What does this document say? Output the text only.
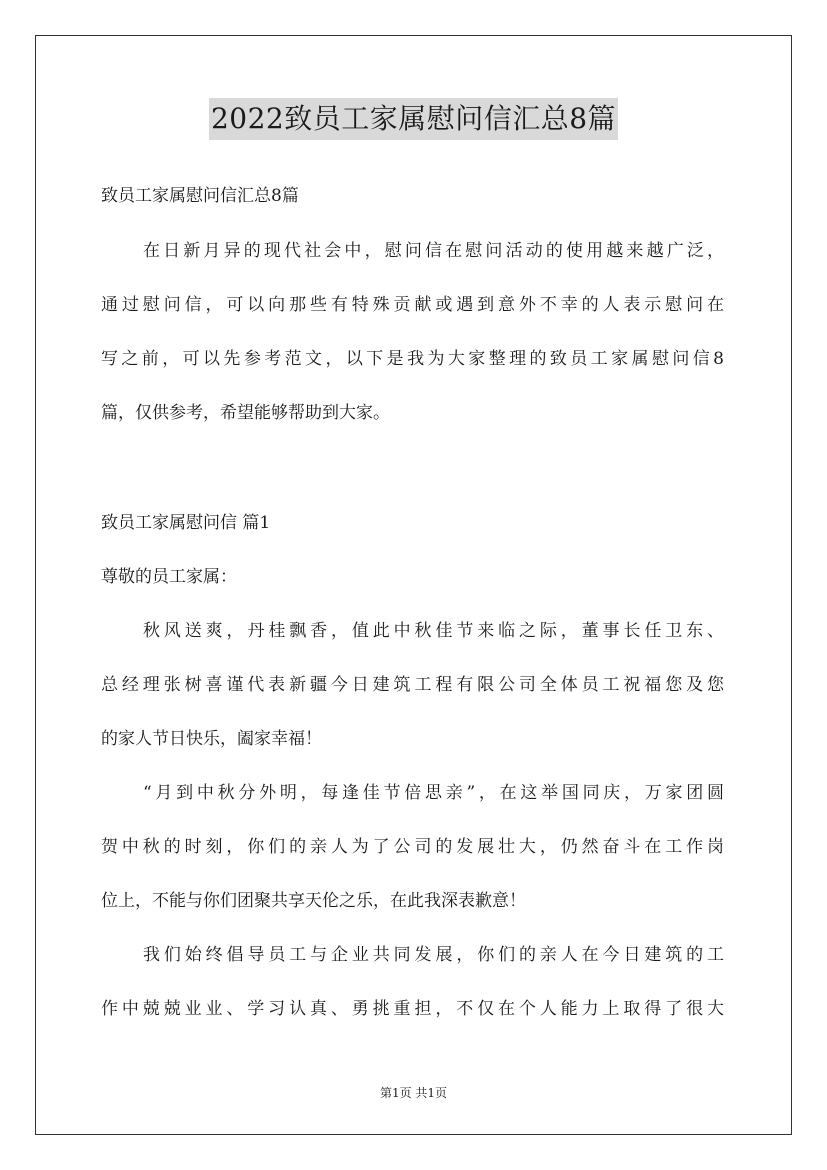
2022致员工家属慰问信汇总8篇
致员工家属慰问信汇总8篇
在日新月异的现代社会中，慰问信在慰问活动的使用越来越广泛，
通过慰问信，可以向那些有特殊贡献或遇到意外不幸的人表示慰问在
写之前，可以先参考范文，以下是我为大家整理的致员工家属慰问信8
篇，仅供参考，希望能够帮助到大家。
致员工家属慰问信 篇1
尊敬的员工家属：
秋风送爽，丹桂飘香，值此中秋佳节来临之际，董事长任卫东、
总经理张树喜谨代表新疆今日建筑工程有限公司全体员工祝福您及您
的家人节日快乐，阖家幸福！
“月到中秋分外明，每逢佳节倍思亲”，在这举国同庆，万家团圆
贺中秋的时刻，你们的亲人为了公司的发展壮大，仍然奋斗在工作岗
位上，不能与你们团聚共享天伦之乐，在此我深表歉意！
我们始终倡导员工与企业共同发展，你们的亲人在今日建筑的工
作中兢兢业业、学习认真、勇挑重担，不仅在个人能力上取得了很大
第1页 共1页
